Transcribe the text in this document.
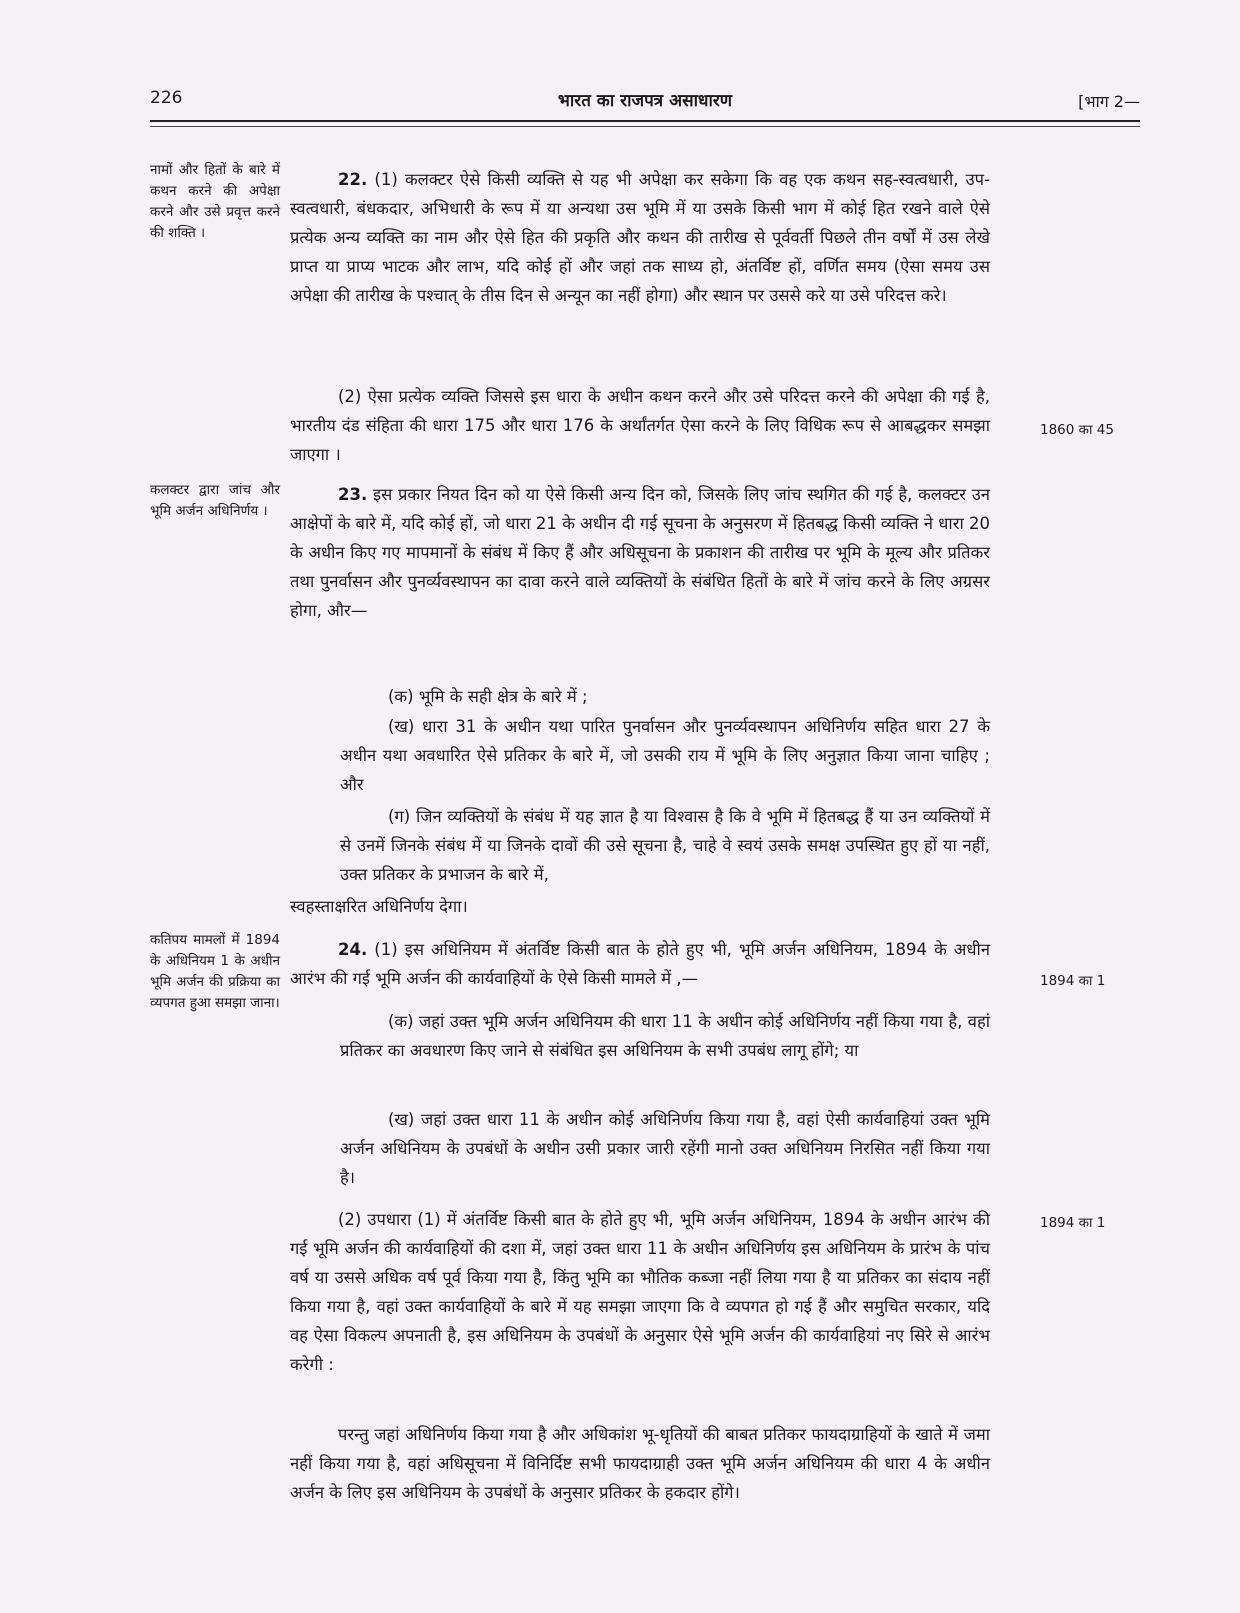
226	भारत का राजपत्र असाधारण	[भाग 2—
नामों और हितों के बारे में कथन करने की अपेक्षा करने और उसे प्रवृत्त करने की शक्ति ।
कलक्टर द्वारा जांच और भूमि अर्जन अधिनिर्णय ।
कतिपय मामलों में 1894 के अधिनियम 1 के अधीन भूमि अर्जन की प्रक्रिया का व्यपगत हुआ समझा जाना।
1860 का 45
1894 का 1
1894 का 1

22. (1) कलक्टर ऐसे किसी व्यक्ति से यह भी अपेक्षा कर सकेगा कि वह एक कथन सह-स्वत्वधारी, उप-स्वत्वधारी, बंधकदार, अभिधारी के रूप में या अन्यथा उस भूमि में या उसके किसी भाग में कोई हित रखने वाले ऐसे प्रत्येक अन्य व्यक्ति का नाम और ऐसे हित की प्रकृति और कथन की तारीख से पूर्ववर्ती पिछले तीन वर्षों में उस लेखे प्राप्त या प्राप्य भाटक और लाभ, यदि कोई हों और जहां तक साध्य हो, अंतर्विष्ट हों, वर्णित समय (ऐसा समय उस अपेक्षा की तारीख के पश्चात् के तीस दिन से अन्यून का नहीं होगा) और स्थान पर उससे करे या उसे परिदत्त करे।

(2) ऐसा प्रत्येक व्यक्ति जिससे इस धारा के अधीन कथन करने और उसे परिदत्त करने की अपेक्षा की गई है, भारतीय दंड संहिता की धारा 175 और धारा 176 के अर्थांतर्गत ऐसा करने के लिए विधिक रूप से आबद्धकर समझा जाएगा ।

23. इस प्रकार नियत दिन को या ऐसे किसी अन्य दिन को, जिसके लिए जांच स्थगित की गई है, कलक्टर उन आक्षेपों के बारे में, यदि कोई हों, जो धारा 21 के अधीन दी गई सूचना के अनुसरण में हितबद्ध किसी व्यक्ति ने धारा 20 के अधीन किए गए मापमानों के संबंध में किए हैं और अधिसूचना के प्रकाशन की तारीख पर भूमि के मूल्य और प्रतिकर तथा पुनर्वासन और पुनर्व्यवस्थापन का दावा करने वाले व्यक्तियों के संबंधित हितों के बारे में जांच करने के लिए अग्रसर होगा, और—

(क) भूमि के सही क्षेत्र के बारे में ;

(ख) धारा 31 के अधीन यथा पारित पुनर्वासन और पुनर्व्यवस्थापन अधिनिर्णय सहित धारा 27 के अधीन यथा अवधारित ऐसे प्रतिकर के बारे में, जो उसकी राय में भूमि के लिए अनुज्ञात किया जाना चाहिए ; और

(ग) जिन व्यक्तियों के संबंध में यह ज्ञात है या विश्वास है कि वे भूमि में हितबद्ध हैं या उन व्यक्तियों में से उनमें जिनके संबंध में या जिनके दावों की उसे सूचना है, चाहे वे स्वयं उसके समक्ष उपस्थित हुए हों या नहीं, उक्त प्रतिकर के प्रभाजन के बारे में,

स्वहस्ताक्षरित अधिनिर्णय देगा।

24. (1) इस अधिनियम में अंतर्विष्ट किसी बात के होते हुए भी, भूमि अर्जन अधिनियम, 1894 के अधीन आरंभ की गई भूमि अर्जन की कार्यवाहियों के ऐसे किसी मामले में ,—

(क) जहां उक्त भूमि अर्जन अधिनियम की धारा 11 के अधीन कोई अधिनिर्णय नहीं किया गया है, वहां प्रतिकर का अवधारण किए जाने से संबंधित इस अधिनियम के सभी उपबंध लागू होंगे; या

(ख) जहां उक्त धारा 11 के अधीन कोई अधिनिर्णय किया गया है, वहां ऐसी कार्यवाहियां उक्त भूमि अर्जन अधिनियम के उपबंधों के अधीन उसी प्रकार जारी रहेंगी मानो उक्त अधिनियम निरसित नहीं किया गया है।

(2) उपधारा (1) में अंतर्विष्ट किसी बात के होते हुए भी, भूमि अर्जन अधिनियम, 1894 के अधीन आरंभ की गई भूमि अर्जन की कार्यवाहियों की दशा में, जहां उक्त धारा 11 के अधीन अधिनिर्णय इस अधिनियम के प्रारंभ के पांच वर्ष या उससे अधिक वर्ष पूर्व किया गया है, किंतु भूमि का भौतिक कब्जा नहीं लिया गया है या प्रतिकर का संदाय नहीं किया गया है, वहां उक्त कार्यवाहियों के बारे में यह समझा जाएगा कि वे व्यपगत हो गई हैं और समुचित सरकार, यदि वह ऐसा विकल्प अपनाती है, इस अधिनियम के उपबंधों के अनुसार ऐसे भूमि अर्जन की कार्यवाहियां नए सिरे से आरंभ करेगी :

परन्तु जहां अधिनिर्णय किया गया है और अधिकांश भू-धृतियों की बाबत प्रतिकर फायदाग्राहियों के खाते में जमा नहीं किया गया है, वहां अधिसूचना में विनिर्दिष्ट सभी फायदाग्राही उक्त भूमि अर्जन अधिनियम की धारा 4 के अधीन अर्जन के लिए इस अधिनियम के उपबंधों के अनुसार प्रतिकर के हकदार होंगे।
